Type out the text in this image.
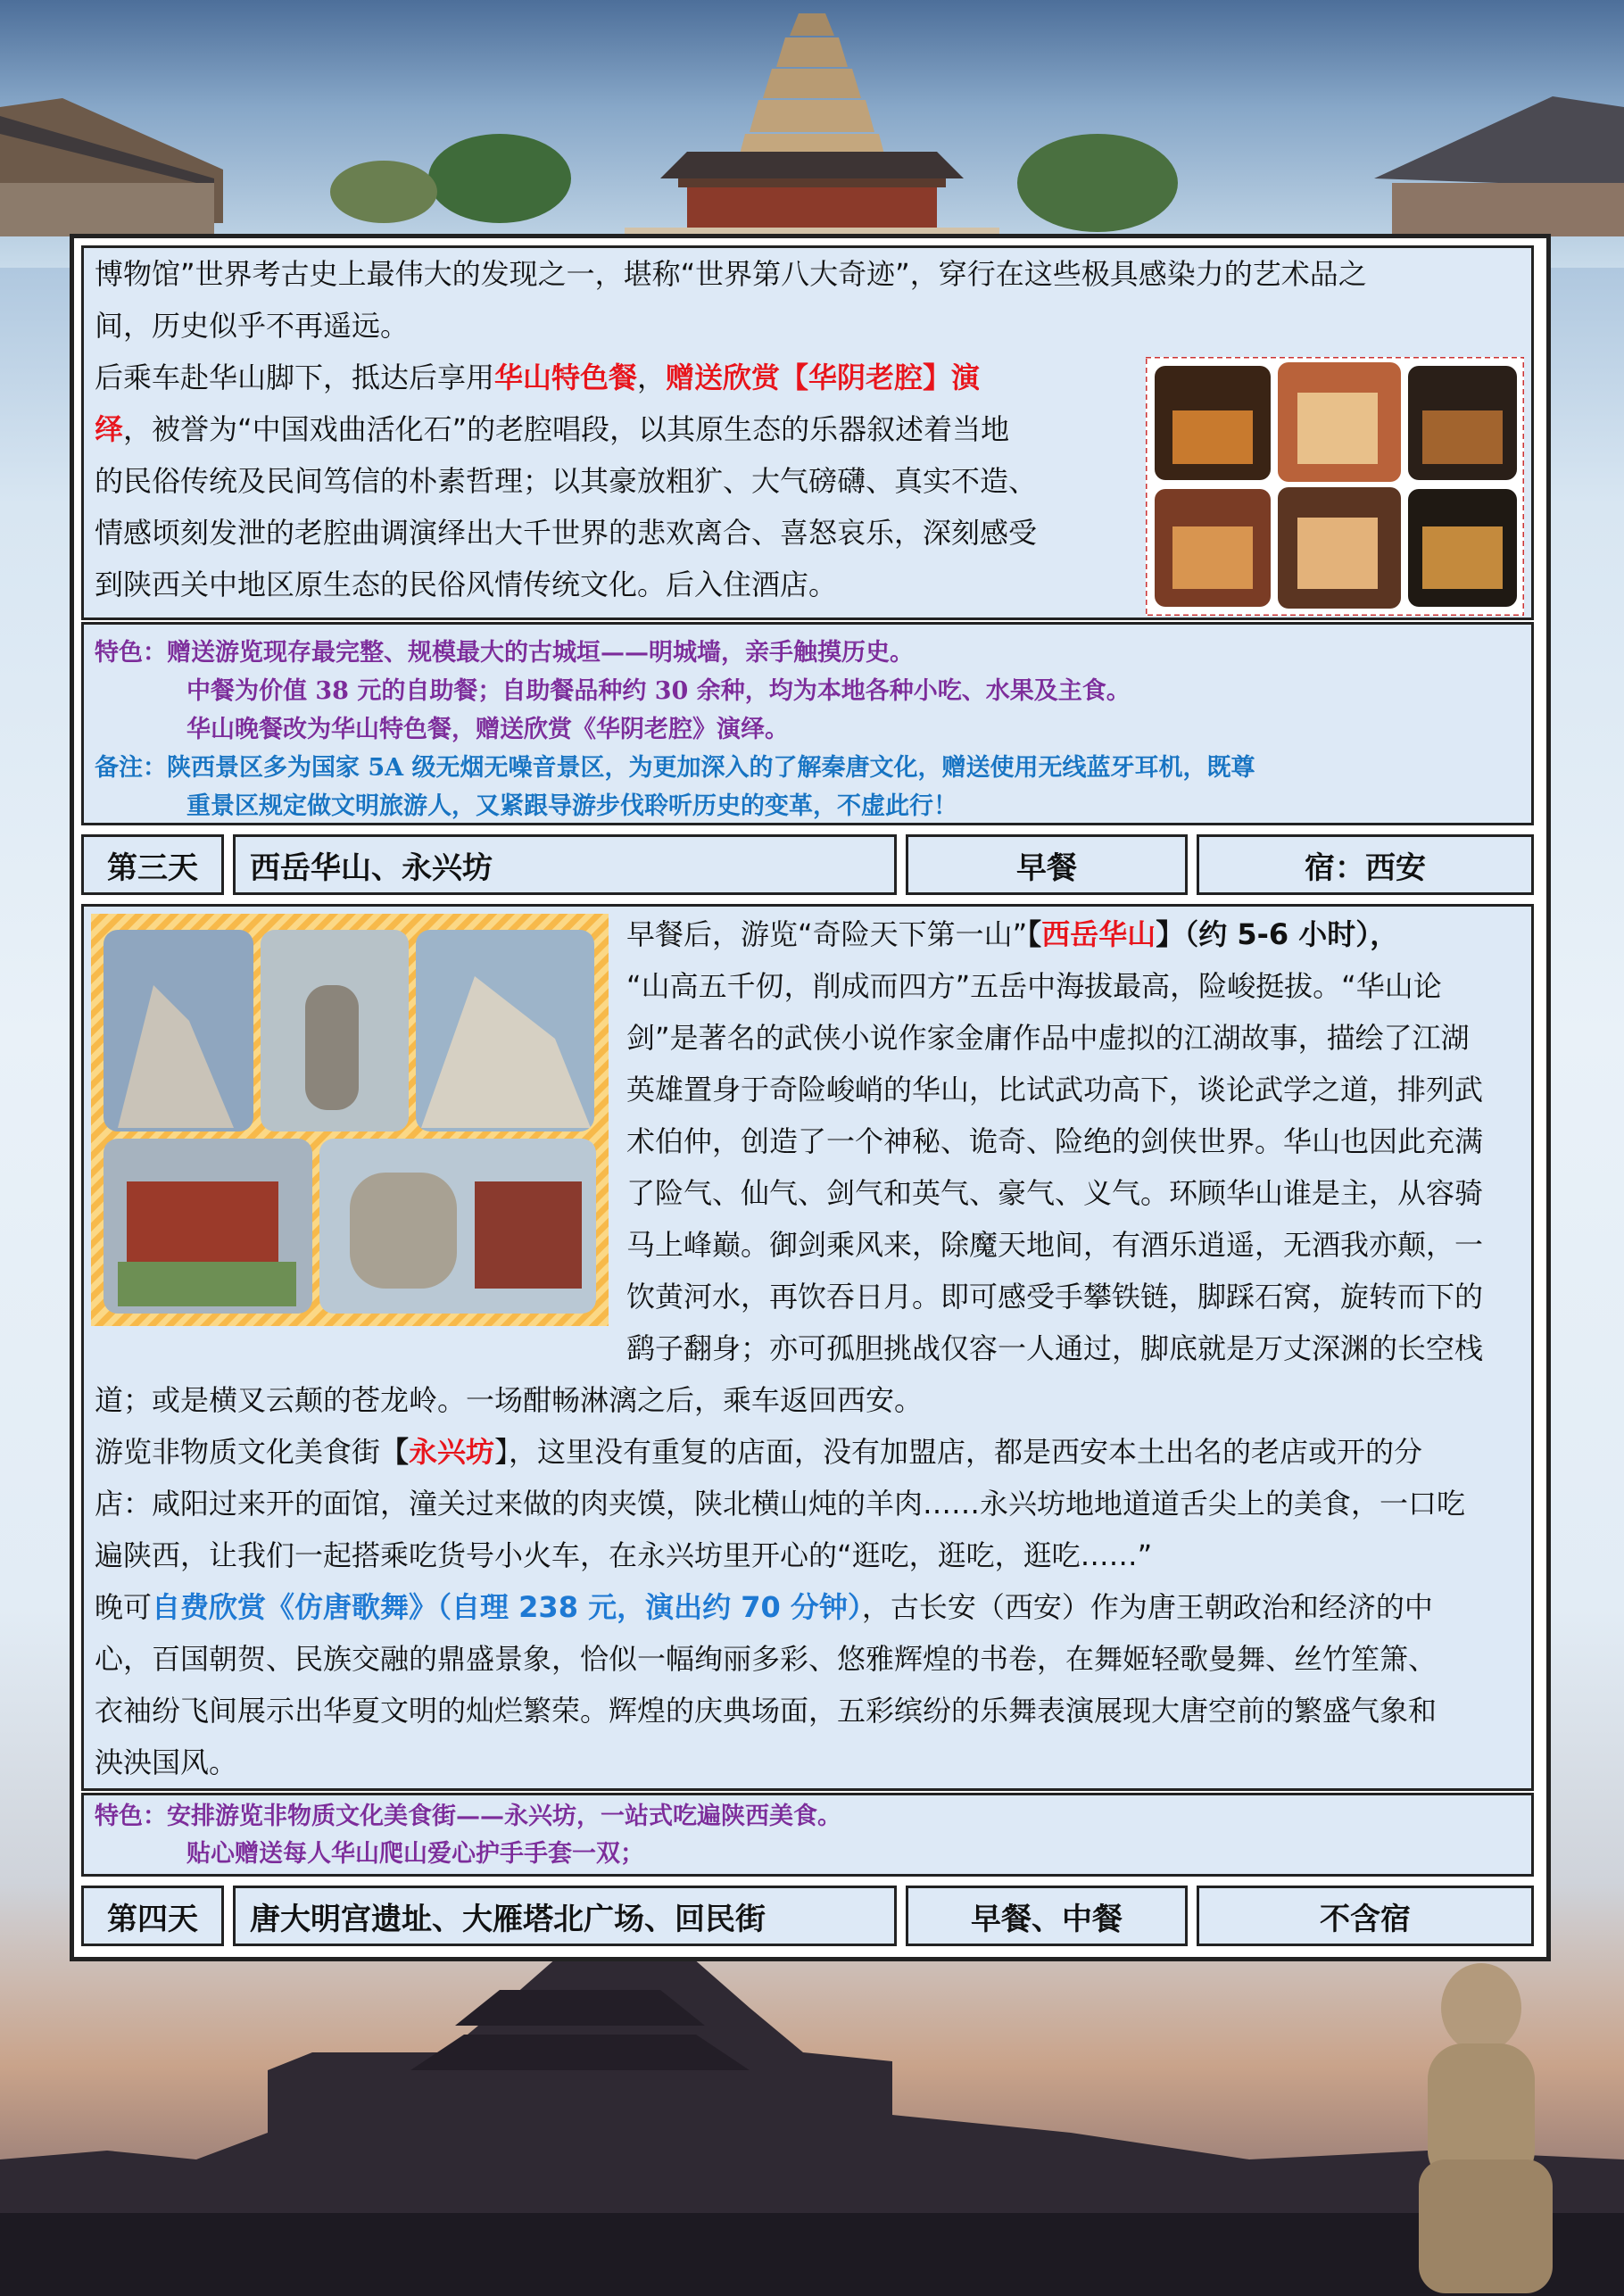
博物馆”世界考古史上最伟大的发现之一，堪称“世界第八大奇迹”，穿行在这些极具感染力的艺术品之

间，历史似乎不再遥远。

后乘车赴华山脚下，抵达后享用华山特色餐，赠送欣赏【华阴老腔】演

绎，被誉为“中国戏曲活化石”的老腔唱段，以其原生态的乐器叙述着当地

的民俗传统及民间笃信的朴素哲理；以其豪放粗犷、大气磅礴、真实不造、

情感顷刻发泄的老腔曲调演绎出大千世界的悲欢离合、喜怒哀乐，深刻感受

到陕西关中地区原生态的民俗风情传统文化。后入住酒店。

特色：赠送游览现存最完整、规模最大的古城垣——明城墙，亲手触摸历史。

中餐为价值 38 元的自助餐；自助餐品种约 30 余种，均为本地各种小吃、水果及主食。

华山晚餐改为华山特色餐，赠送欣赏《华阴老腔》演绎。

备注：陕西景区多为国家 5A 级无烟无噪音景区，为更加深入的了解秦唐文化，赠送使用无线蓝牙耳机，既尊

重景区规定做文明旅游人，又紧跟导游步伐聆听历史的变革，不虚此行！

第三天	西岳华山、永兴坊	早餐	宿：西安

早餐后，游览“奇险天下第一山”【西岳华山】（约 5-6 小时），

“山高五千仞，削成而四方”五岳中海拔最高，险峻挺拔。“华山论

剑”是著名的武侠小说作家金庸作品中虚拟的江湖故事，描绘了江湖

英雄置身于奇险峻峭的华山，比试武功高下，谈论武学之道，排列武

术伯仲，创造了一个神秘、诡奇、险绝的剑侠世界。华山也因此充满

了险气、仙气、剑气和英气、豪气、义气。环顾华山谁是主，从容骑

马上峰巅。御剑乘风来，除魔天地间，有酒乐逍遥，无酒我亦颠，一

饮黄河水，再饮吞日月。即可感受手攀铁链，脚踩石窝，旋转而下的

鹞子翻身；亦可孤胆挑战仅容一人通过，脚底就是万丈深渊的长空栈

道；或是横叉云颠的苍龙岭。一场酣畅淋漓之后，乘车返回西安。

游览非物质文化美食街【永兴坊】，这里没有重复的店面，没有加盟店，都是西安本土出名的老店或开的分

店：咸阳过来开的面馆，潼关过来做的肉夹馍，陕北横山炖的羊肉……永兴坊地地道道舌尖上的美食，一口吃

遍陕西，让我们一起搭乘吃货号小火车，在永兴坊里开心的“逛吃，逛吃，逛吃……”

晚可自费欣赏《仿唐歌舞》（自理 238 元，演出约 70 分钟），古长安（西安）作为唐王朝政治和经济的中

心，百国朝贺、民族交融的鼎盛景象，恰似一幅绚丽多彩、悠雅辉煌的书卷，在舞姬轻歌曼舞、丝竹笙箫、

衣袖纷飞间展示出华夏文明的灿烂繁荣。辉煌的庆典场面，五彩缤纷的乐舞表演展现大唐空前的繁盛气象和

泱泱国风。

特色：安排游览非物质文化美食街——永兴坊，一站式吃遍陕西美食。

贴心赠送每人华山爬山爱心护手手套一双；

第四天	唐大明宫遗址、大雁塔北广场、回民街	早餐、中餐	不含宿
